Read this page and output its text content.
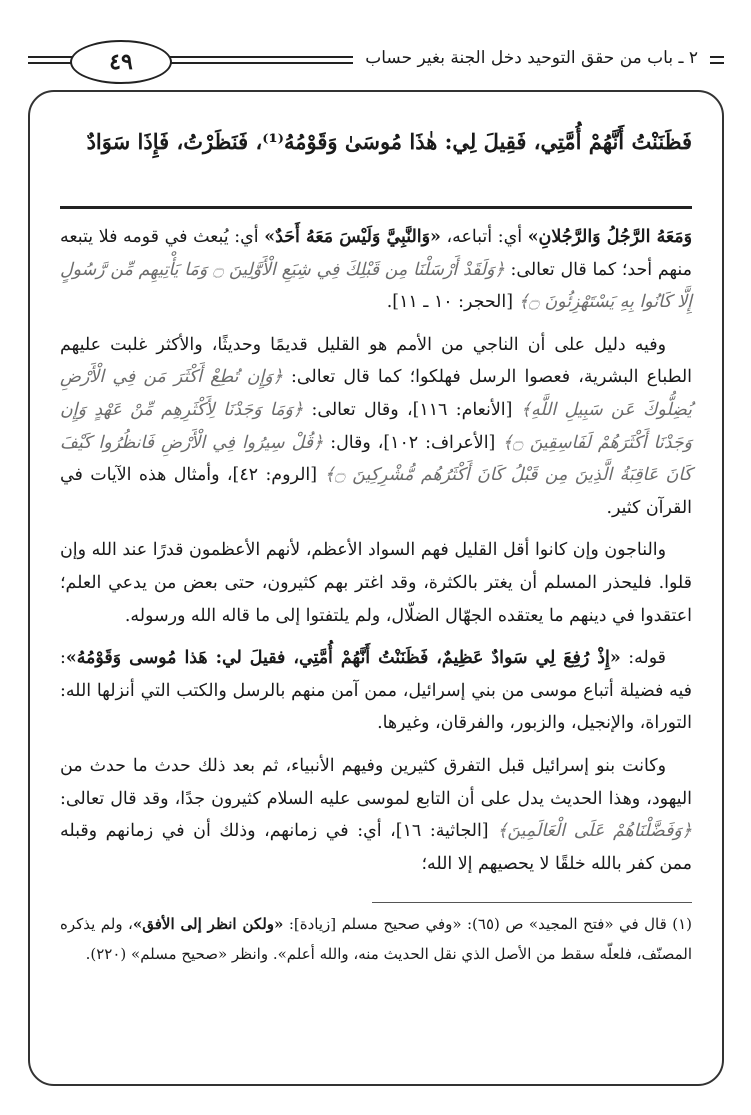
٢ ـ باب من حقق التوحيد دخل الجنة بغير حساب
٤٩
فَظَنَنْتُ أَنَّهُمْ أُمَّتِي، فَقِيلَ لِي: هٰذَا مُوسَىٰ وَقَوْمُهُ⁽¹⁾، فَنَظَرْتُ، فَإِذَا سَوَادٌ

وَمَعَهُ الرَّجُلُ وَالرَّجُلانِ» أي: أتباعه، «وَالنَّبِيَّ وَلَيْسَ مَعَهُ أَحَدٌ» أي: يُبعث في قومه فلا يتبعه منهم أحد؛ كما قال تعالى: ﴿وَلَقَدْ أَرْسَلْنَا مِن قَبْلِكَ فِي شِيَعِ الْأَوَّلِينَ ۝ وَمَا يَأْتِيهِم مِّن رَّسُولٍ إِلَّا كَانُوا بِهِ يَسْتَهْزِئُونَ ۝﴾ [الحجر: ١٠ ـ ١١].

وفيه دليل على أن الناجي من الأمم هو القليل قديمًا وحديثًا، والأكثر غلبت عليهم الطباع البشرية، فعصوا الرسل فهلكوا؛ كما قال تعالى: ﴿وَإِن تُطِعْ أَكْثَرَ مَن فِي الْأَرْضِ يُضِلُّوكَ عَن سَبِيلِ اللَّهِ﴾ [الأنعام: ١١٦]، وقال تعالى: ﴿وَمَا وَجَدْنَا لِأَكْثَرِهِم مِّنْ عَهْدٍ وَإِن وَجَدْنَا أَكْثَرَهُمْ لَفَاسِقِينَ ۝﴾ [الأعراف: ١٠٢]، وقال: ﴿قُلْ سِيرُوا فِي الْأَرْضِ فَانظُرُوا كَيْفَ كَانَ عَاقِبَةُ الَّذِينَ مِن قَبْلُ كَانَ أَكْثَرُهُم مُّشْرِكِينَ ۝﴾ [الروم: ٤٢]، وأمثال هذه الآيات في القرآن كثير.

والناجون وإن كانوا أقل القليل فهم السواد الأعظم، لأنهم الأعظمون قدرًا عند الله وإن قلوا. فليحذر المسلم أن يغتر بالكثرة، وقد اغتر بهم كثيرون، حتى بعض من يدعي العلم؛ اعتقدوا في دينهم ما يعتقده الجهّال الضلّال، ولم يلتفتوا إلى ما قاله الله ورسوله.

قوله: «إِذْ رُفِعَ لِي سَوادٌ عَظِيمٌ، فَظَنَنْتُ أَنَّهُمْ أُمَّتِي، فقيلَ لي: هَذا مُوسى وَقَوْمُهُ»: فيه فضيلة أتباع موسى من بني إسرائيل، ممن آمن منهم بالرسل والكتب التي أنزلها الله: التوراة، والإنجيل، والزبور، والفرقان، وغيرها.

وكانت بنو إسرائيل قبل التفرق كثيرين وفيهم الأنبياء، ثم بعد ذلك حدث ما حدث من اليهود، وهذا الحديث يدل على أن التابع لموسى عليه السلام كثيرون جدًا، وقد قال تعالى: ﴿وَفَضَّلْنَاهُمْ عَلَى الْعَالَمِينَ﴾ [الجاثية: ١٦]، أي: في زمانهم، وذلك أن في زمانهم وقبله ممن كفر بالله خلقًا لا يحصيهم إلا الله؛

(١) قال في «فتح المجيد» ص (٦٥): «وفي صحيح مسلم [زيادة]: «ولكن انظر إلى الأفق»، ولم يذكره المصنّف، فلعلّه سقط من الأصل الذي نقل الحديث منه، والله أعلم». وانظر «صحيح مسلم» (٢٢٠).
